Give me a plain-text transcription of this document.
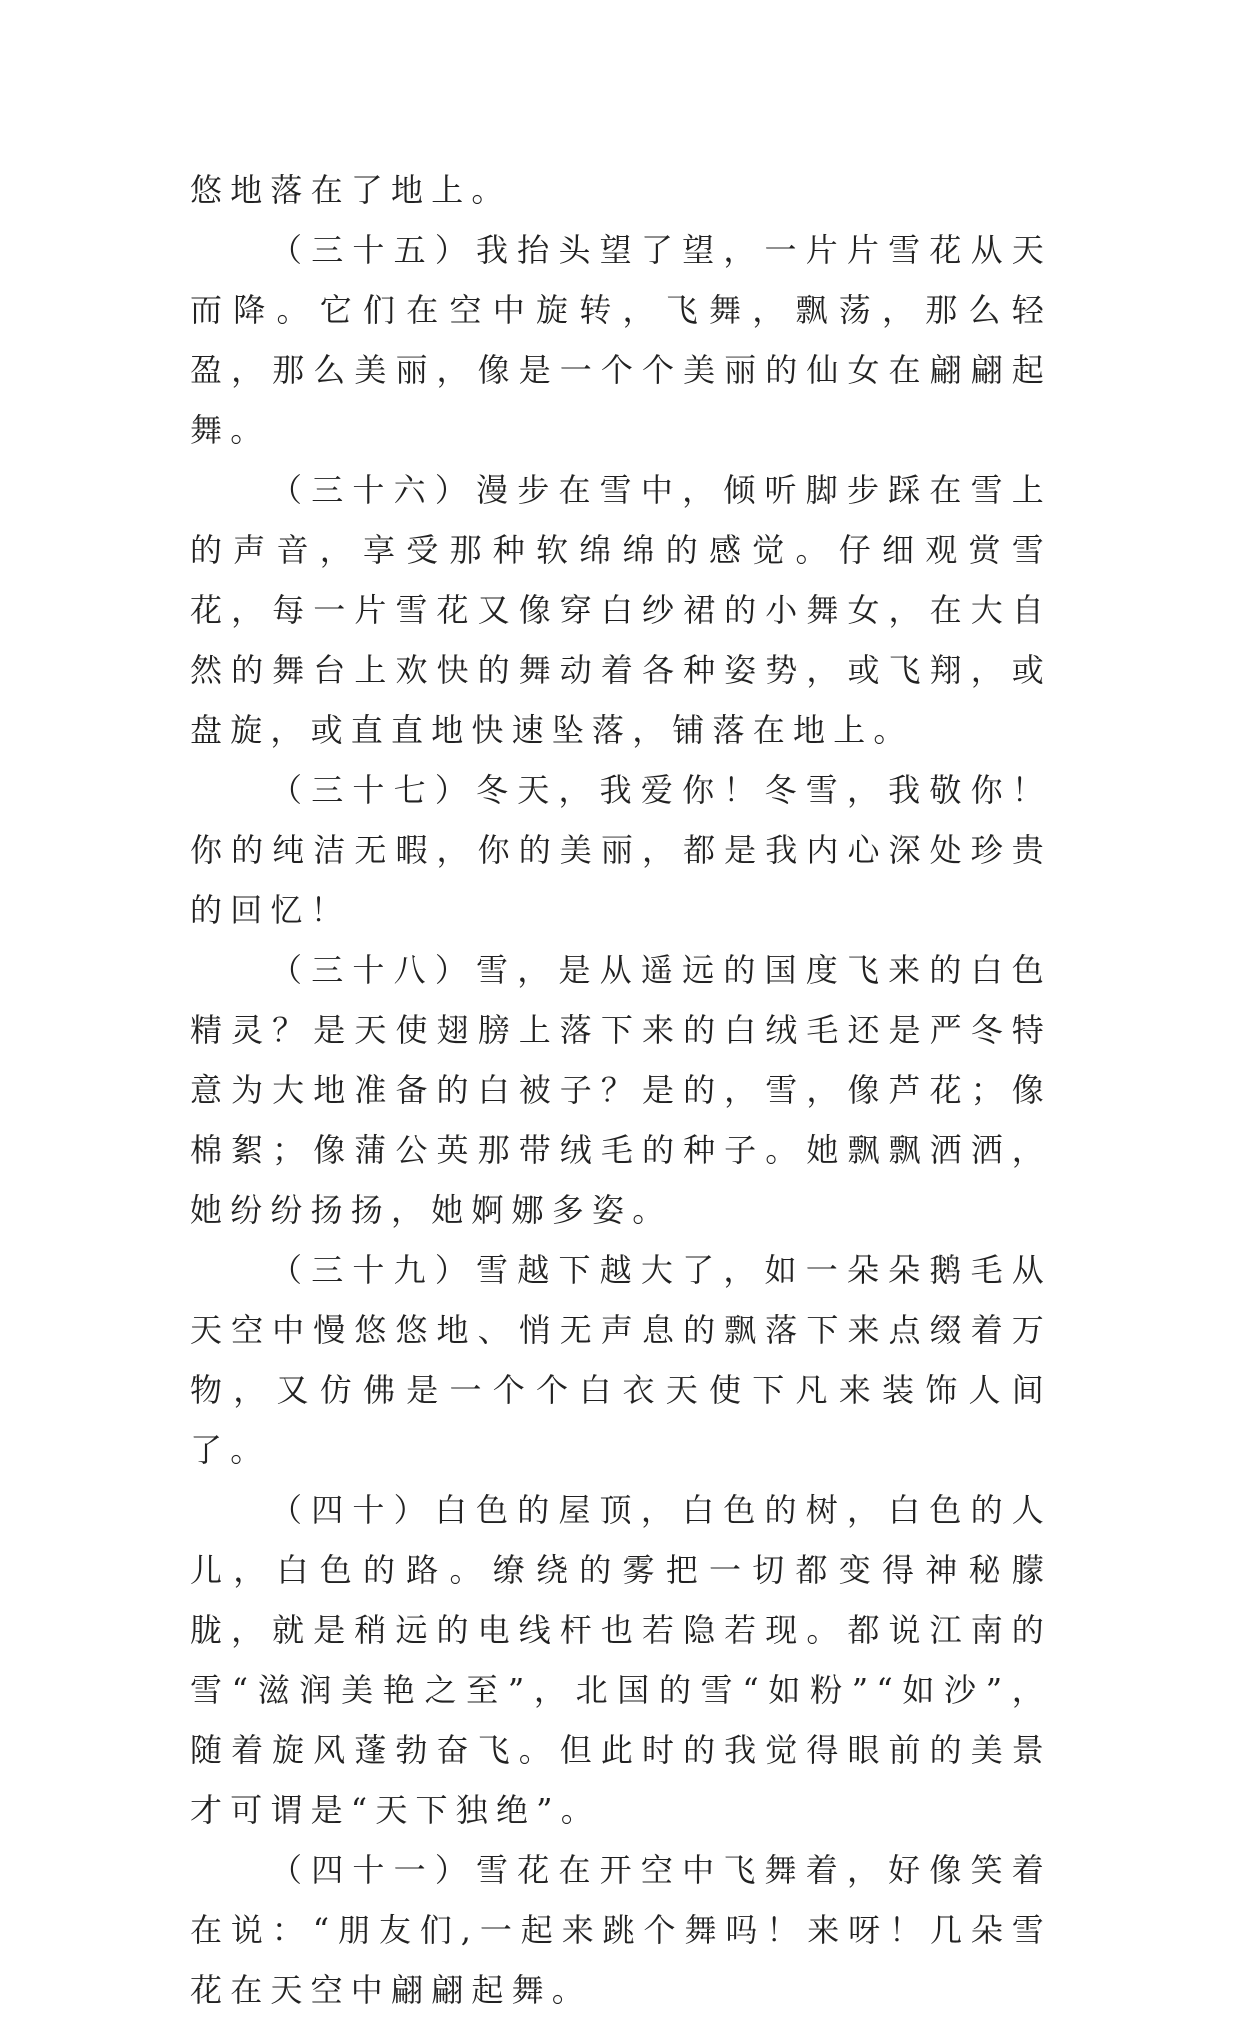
悠地落在了地上。

（三十五）我抬头望了望，一片片雪花从天而降。它们在空中旋转，飞舞，飘荡，那么轻盈，那么美丽，像是一个个美丽的仙女在翩翩起舞。

（三十六）漫步在雪中，倾听脚步踩在雪上的声音，享受那种软绵绵的感觉。仔细观赏雪花，每一片雪花又像穿白纱裙的小舞女，在大自然的舞台上欢快的舞动着各种姿势，或飞翔，或盘旋，或直直地快速坠落，铺落在地上。

（三十七）冬天，我爱你！冬雪，我敬你！你的纯洁无暇，你的美丽，都是我内心深处珍贵的回忆！

（三十八）雪，是从遥远的国度飞来的白色精灵？是天使翅膀上落下来的白绒毛还是严冬特意为大地准备的白被子？是的，雪，像芦花；像棉絮；像蒲公英那带绒毛的种子。她飘飘洒洒，她纷纷扬扬，她婀娜多姿。

（三十九）雪越下越大了，如一朵朵鹅毛从天空中慢悠悠地、悄无声息的飘落下来点缀着万物，又仿佛是一个个白衣天使下凡来装饰人间了。

（四十）白色的屋顶，白色的树，白色的人儿，白色的路。缭绕的雾把一切都变得神秘朦胧，就是稍远的电线杆也若隐若现。都说江南的雪“滋润美艳之至”，北国的雪“如粉”“如沙”，随着旋风蓬勃奋飞。但此时的我觉得眼前的美景才可谓是“天下独绝”。

（四十一）雪花在开空中飞舞着，好像笑着在说：“朋友们,一起来跳个舞吗！来呀！几朵雪花在天空中翩翩起舞。
